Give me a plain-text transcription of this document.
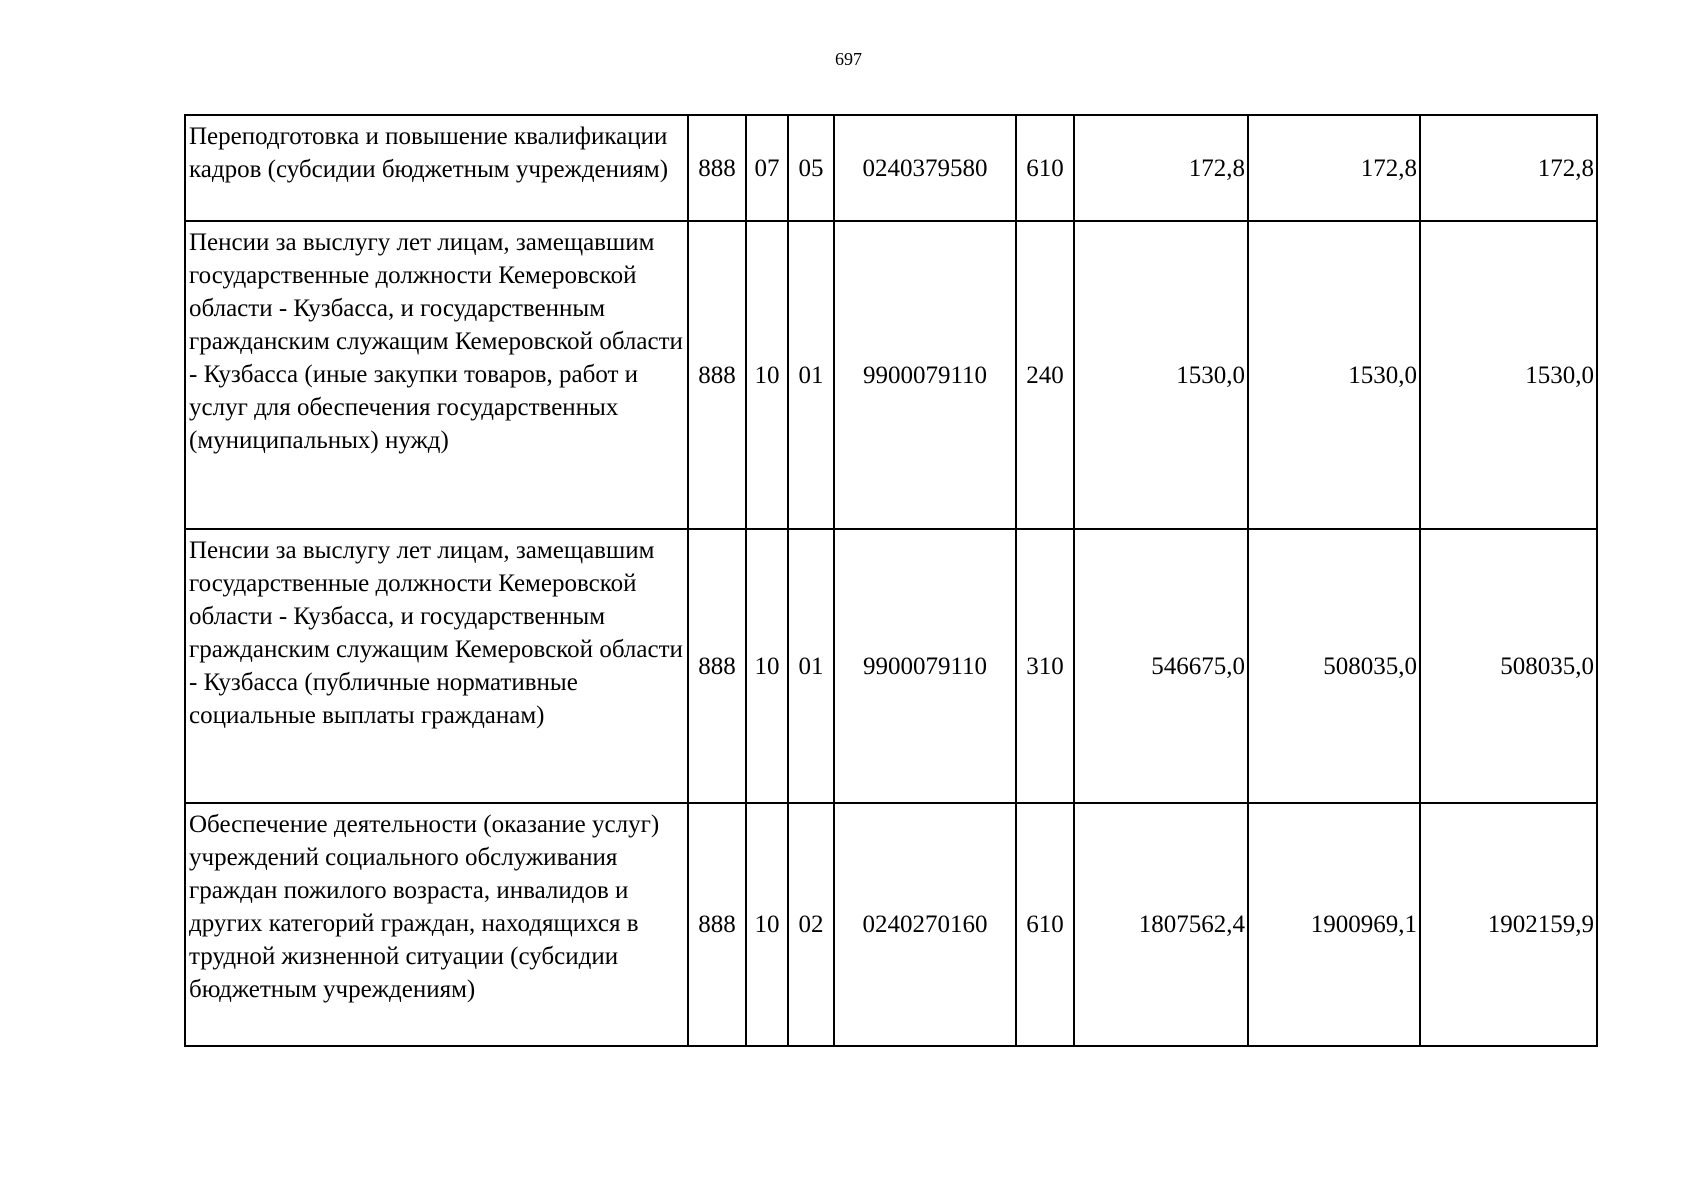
697
Переподготовка и повышение квалификации кадров (субсидии бюджетным учреждениям)	888	07	05	0240379580	610	172,8	172,8	172,8
Пенсии за выслугу лет лицам, замещавшим государственные должности Кемеровской области - Кузбасса, и государственным гражданским служащим Кемеровской области - Кузбасса (иные закупки товаров, работ и услуг для обеспечения государственных (муниципальных) нужд)	888	10	01	9900079110	240	1530,0	1530,0	1530,0
Пенсии за выслугу лет лицам, замещавшим государственные должности Кемеровской области - Кузбасса, и государственным гражданским служащим Кемеровской области - Кузбасса (публичные нормативные социальные выплаты гражданам)	888	10	01	9900079110	310	546675,0	508035,0	508035,0
Обеспечение деятельности (оказание услуг) учреждений социального обслуживания граждан пожилого возраста, инвалидов и других категорий граждан, находящихся в трудной жизненной ситуации (субсидии бюджетным учреждениям)	888	10	02	0240270160	610	1807562,4	1900969,1	1902159,9
